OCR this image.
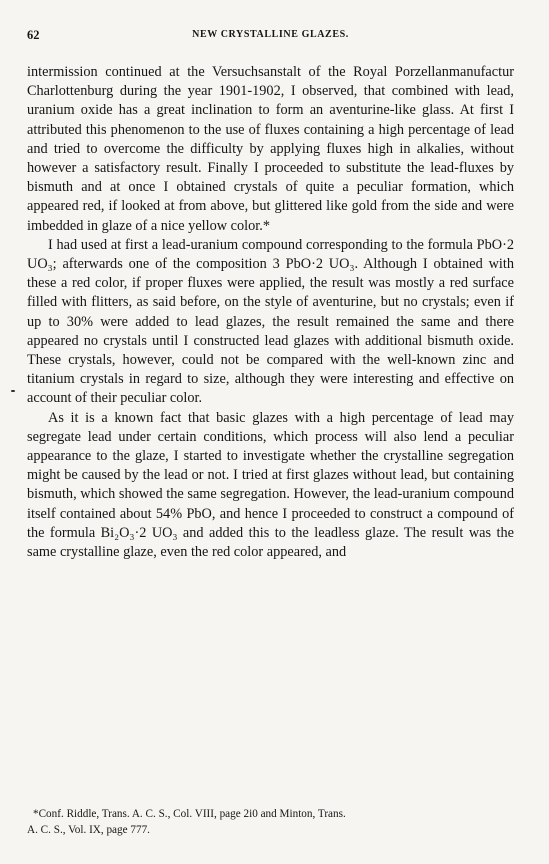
62	NEW CRYSTALLINE GLAZES.

intermission continued at the Versuchsanstalt of the Royal Porzellanmanufactur Charlottenburg during the year 1901-1902, I observed, that combined with lead, uranium oxide has a great inclination to form an aventurine-like glass. At first I attributed this phenomenon to the use of fluxes containing a high percentage of lead and tried to overcome the difficulty by applying fluxes high in alkalies, without however a satisfactory result. Finally I proceeded to substitute the lead-fluxes by bismuth and at once I obtained crystals of quite a peculiar formation, which appeared red, if looked at from above, but glittered like gold from the side and were imbedded in glaze of a nice yellow color.*

I had used at first a lead-uranium compound corresponding to the formula PbO·2 UO₃; afterwards one of the composition 3 PbO·2 UO₃. Although I obtained with these a red color, if proper fluxes were applied, the result was mostly a red surface filled with flitters, as said before, on the style of aventurine, but no crystals; even if up to 30% were added to lead glazes, the result remained the same and there appeared no crystals until I constructed lead glazes with additional bismuth oxide. These crystals, however, could not be compared with the well-known zinc and titanium crystals in regard to size, although they were interesting and effective on account of their peculiar color.

As it is a known fact that basic glazes with a high percentage of lead may segregate lead under certain conditions, which process will also lend a peculiar appearance to the glaze, I started to investigate whether the crystalline segregation might be caused by the lead or not. I tried at first glazes without lead, but containing bismuth, which showed the same segregation. However, the lead-uranium compound itself contained about 54% PbO, and hence I proceeded to construct a compound of the formula Bi₂O₃·2 UO₃ and added this to the leadless glaze. The result was the same crystalline glaze, even the red color appeared, and

*Conf. Riddle, Trans. A. C. S., Col. VIII, page 2i0 and Minton, Trans.
A. C. S., Vol. IX, page 777.
